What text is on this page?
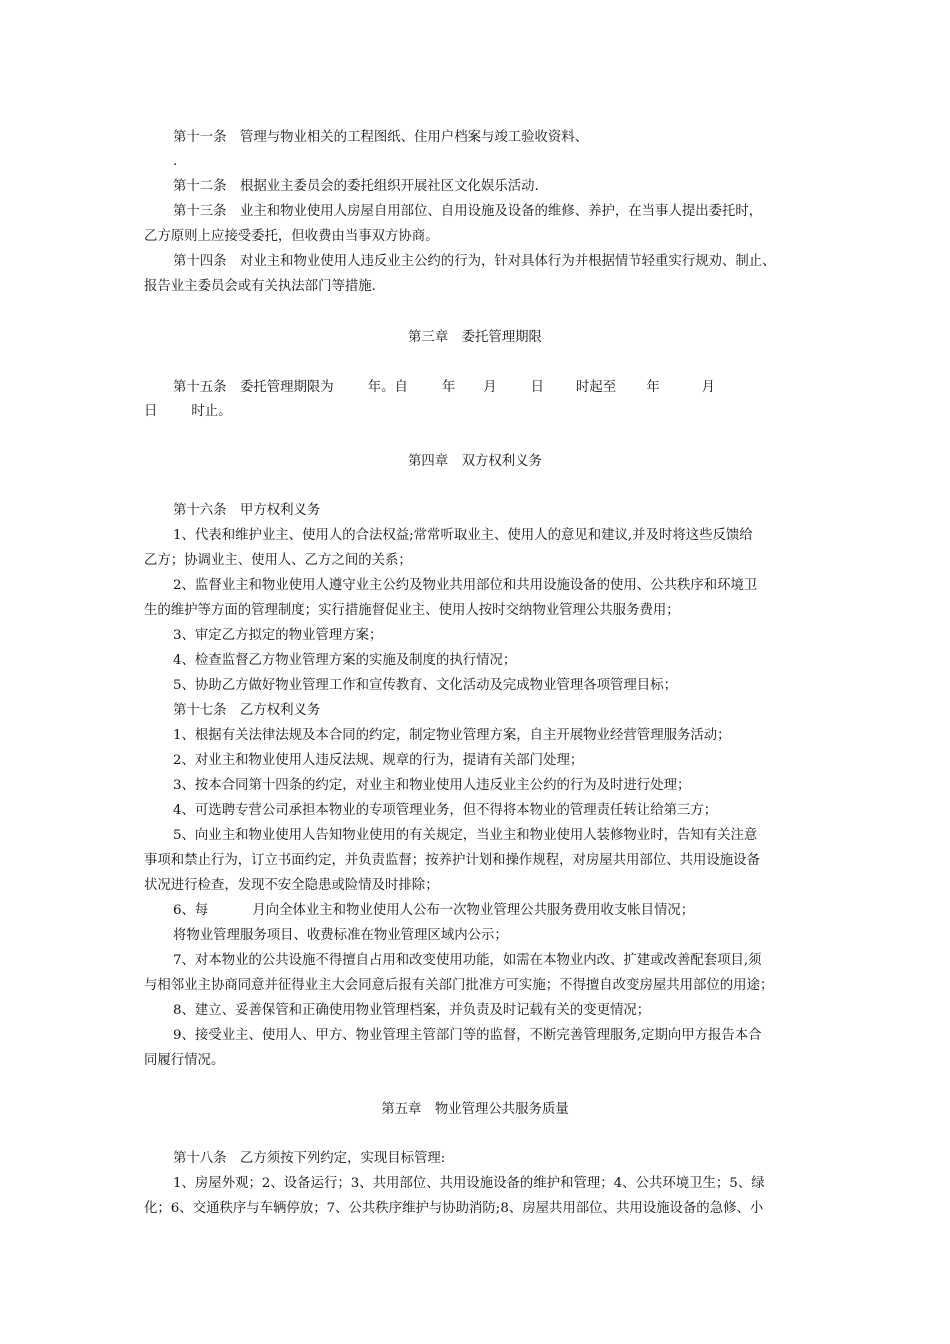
第十一条　管理与物业相关的工程图纸、住用户档案与竣工验收资料、
.
第十二条　根据业主委员会的委托组织开展社区文化娱乐活动.
第十三条　业主和物业使用人房屋自用部位、自用设施及设备的维修、养护，在当事人提出委托时，
乙方原则上应接受委托，但收费由当事双方协商。
第十四条　对业主和物业使用人违反业主公约的行为，针对具体行为并根据情节轻重实行规劝、制止、
报告业主委员会或有关执法部门等措施.
第三章　委托管理期限
第十五条　委托管理期限为	年。自	年 月	日 时起至 年	月
日	时止。
第四章　双方权利义务
第十六条　甲方权利义务
1、代表和维护业主、使用人的合法权益;常常听取业主、使用人的意见和建议,并及时将这些反馈给
乙方；协调业主、使用人、乙方之间的关系；
2、监督业主和物业使用人遵守业主公约及物业共用部位和共用设施设备的使用、公共秩序和环境卫
生的维护等方面的管理制度；实行措施督促业主、使用人按时交纳物业管理公共服务费用；
3、审定乙方拟定的物业管理方案；
4、检查监督乙方物业管理方案的实施及制度的执行情况；
5、协助乙方做好物业管理工作和宣传教育、文化活动及完成物业管理各项管理目标；
第十七条　乙方权利义务
1、根据有关法律法规及本合同的约定，制定物业管理方案，自主开展物业经营管理服务活动；
2、对业主和物业使用人违反法规、规章的行为，提请有关部门处理；
3、按本合同第十四条的约定，对业主和物业使用人违反业主公约的行为及时进行处理；
4、可选聘专营公司承担本物业的专项管理业务，但不得将本物业的管理责任转让给第三方；
5、向业主和物业使用人告知物业使用的有关规定，当业主和物业使用人装修物业时，告知有关注意
事项和禁止行为，订立书面约定，并负责监督；按养护计划和操作规程，对房屋共用部位、共用设施设备
状况进行检查，发现不安全隐患或险情及时排除；
6、每	月向全体业主和物业使用人公布一次物业管理公共服务费用收支帐目情况；
将物业管理服务项目、收费标准在物业管理区域内公示；
7、对本物业的公共设施不得擅自占用和改变使用功能，如需在本物业内改、扩建或改善配套项目,须
与相邻业主协商同意并征得业主大会同意后报有关部门批准方可实施；不得擅自改变房屋共用部位的用途；
8、建立、妥善保管和正确使用物业管理档案，并负责及时记载有关的变更情况；
9、接受业主、使用人、甲方、物业管理主管部门等的监督，不断完善管理服务,定期向甲方报告本合
同履行情况。
第五章　物业管理公共服务质量
第十八条　乙方须按下列约定，实现目标管理:
1、房屋外观；2、设备运行；3、共用部位、共用设施设备的维护和管理；4、公共环境卫生；5、绿
化；6、交通秩序与车辆停放；7、公共秩序维护与协助消防;8、房屋共用部位、共用设施设备的急修、小
